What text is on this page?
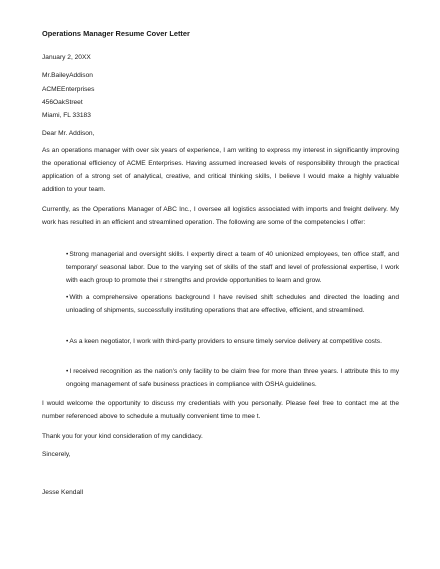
Operations Manager Resume Cover Letter
January 2, 20XX
Mr.BaileyAddison
ACMEEnterprises
456OakStreet
Miami, FL 33183
Dear Mr. Addison,
As an operations manager with over six years of experience, I am writing to express my interest in significantly improving the operational efficiency of ACME Enterprises. Having assumed increased levels of responsibility through the practical application of a strong set of analytical, creative, and critical thinking skills, I believe I would make a highly valuable addition to your team.
Currently, as the Operations Manager of ABC Inc., I oversee all logistics associated with imports and freight delivery. My work has resulted in an efficient and streamlined operation. The following are some of the competencies I offer:
•Strong managerial and oversight skills. I expertly direct a team of 40 unionized employees, ten office staff, and temporary/ seasonal labor. Due to the varying set of skills of the staff and level of professional expertise, I work with each group to promote thei r strengths and provide opportunities to learn and grow.
•With a comprehensive operations background I have revised shift schedules and directed the loading and unloading of shipments, successfully instituting operations that are effective, efficient, and streamlined.
•As a keen negotiator, I work with third-party providers to ensure timely service delivery at competitive costs.
•I received recognition as the nation's only facility to be claim free for more than three years. I attribute this to my ongoing management of safe business practices in compliance with OSHA guidelines.
I would welcome the opportunity to discuss my credentials with you personally. Please feel free to contact me at the number referenced above to schedule a mutually convenient time to mee t.
Thank you for your kind consideration of my candidacy.
Sincerely,
Jesse Kendall
